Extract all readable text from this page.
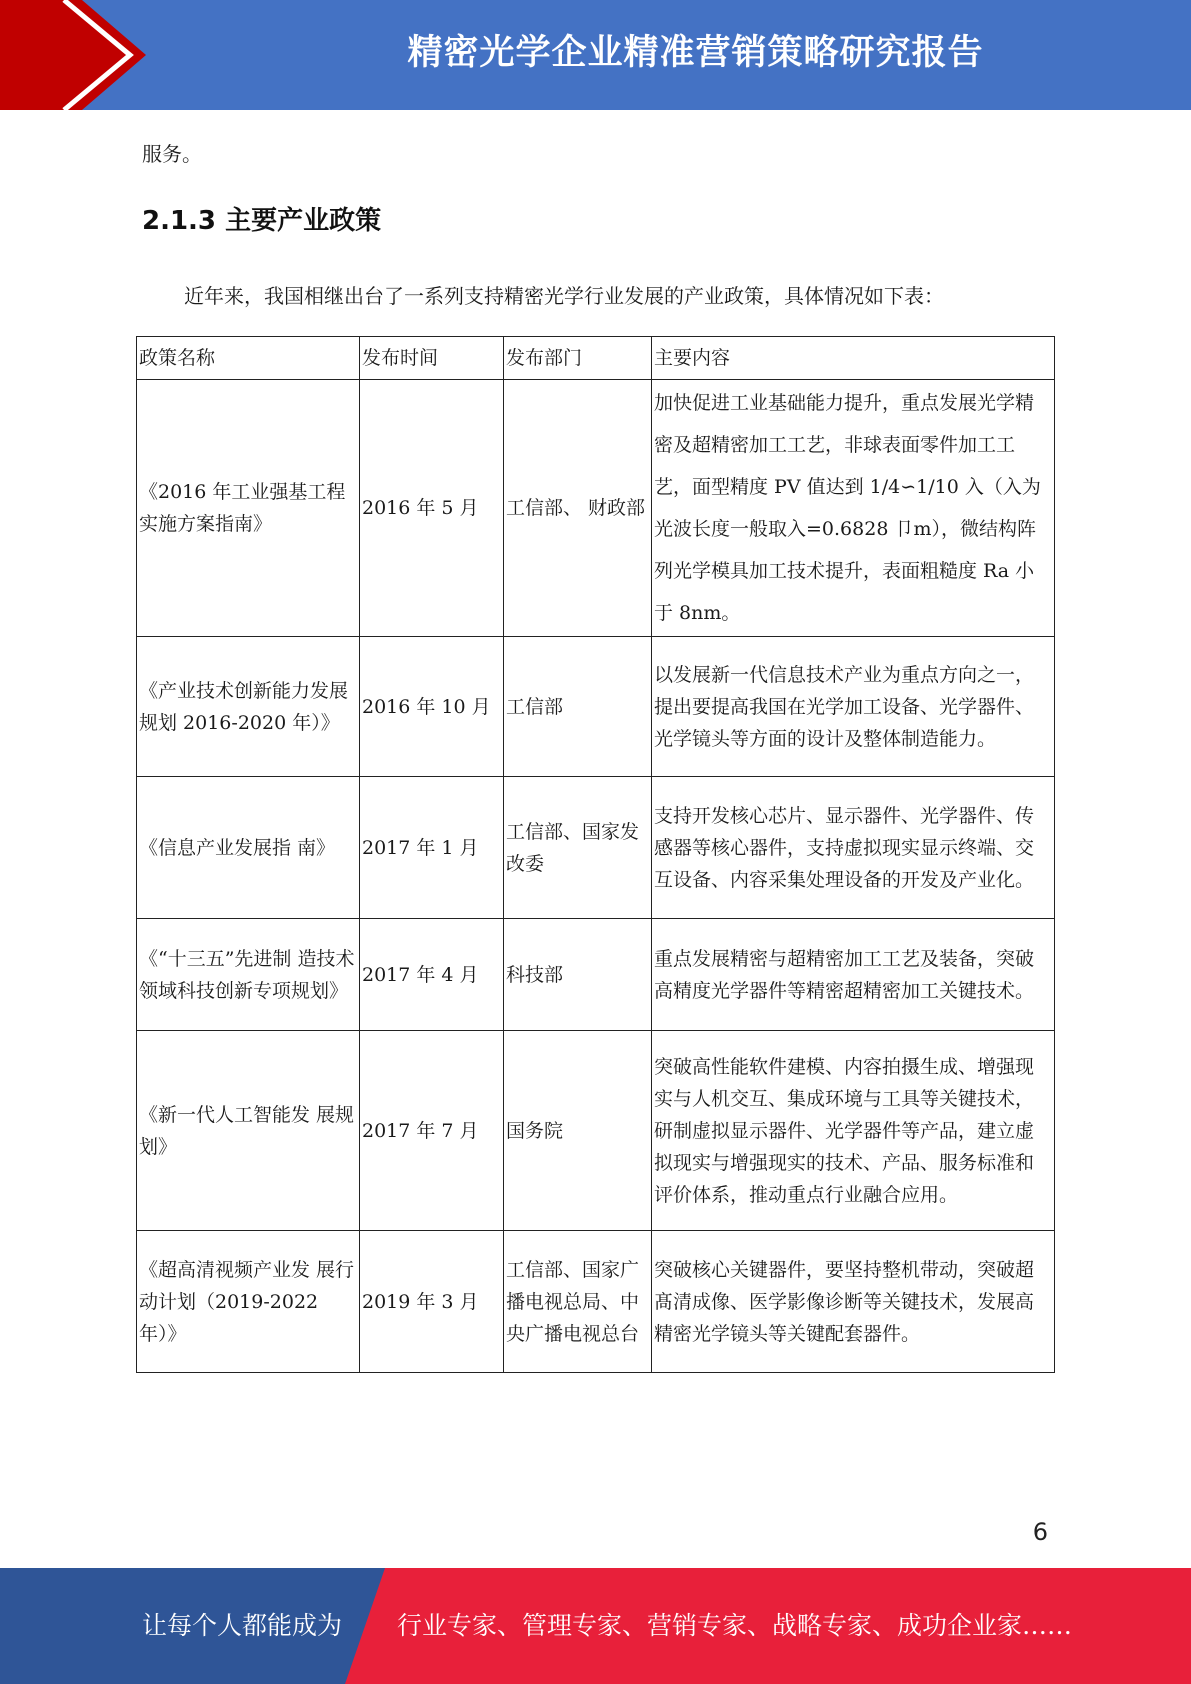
精密光学企业精准营销策略研究报告
服务。
2.1.3 主要产业政策
近年来，我国相继出台了一系列支持精密光学行业发展的产业政策，具体情况如下表：
政策名称	发布时间	发布部门	主要内容
《2016 年工业强基工程实施方案指南》	2016 年 5 月	工信部、 财政部	加快促进工业基础能力提升，重点发展光学精密及超精密加工工艺，非球表面零件加工工艺，面型精度 PV 值达到 1/4∽1/10 入（入为光波长度一般取入=0.6828 卩m），微结构阵列光学模具加工技术提升，表面粗糙度 Ra 小于 8nm。
《产业技术创新能力发展规划 2016-2020 年）》	2016 年 10 月	工信部	以发展新一代信息技术产业为重点方向之一，提出要提高我国在光学加工设备、光学器件、光学镜头等方面的设计及整体制造能力。
《信息产业发展指 南》	2017 年 1 月	工信部、国家发改委	支持开发核心芯片、显示器件、光学器件、传感器等核心器件，支持虚拟现实显示终端、交互设备、内容采集处理设备的开发及产业化。
《“十三五”先进制 造技术领域科技创新专项规划》	2017 年 4 月	科技部	重点发展精密与超精密加工工艺及装备，突破高精度光学器件等精密超精密加工关键技术。
《新一代人工智能发 展规划》	2017 年 7 月	国务院	突破高性能软件建模、内容拍摄生成、增强现实与人机交互、集成环境与工具等关键技术，研制虚拟显示器件、光学器件等产品，建立虚拟现实与增强现实的技术、产品、服务标准和评价体系，推动重点行业融合应用。
《超高清视频产业发 展行动计划（2019-2022 年）》	2019 年 3 月	工信部、国家广播电视总局、中央广播电视总台	突破核心关键器件，要坚持整机带动，突破超髙清成像、医学影像诊断等关键技术，发展高精密光学镜头等关键配套器件。
6
让每个人都能成为 行业专家、管理专家、营销专家、战略专家、成功企业家……
